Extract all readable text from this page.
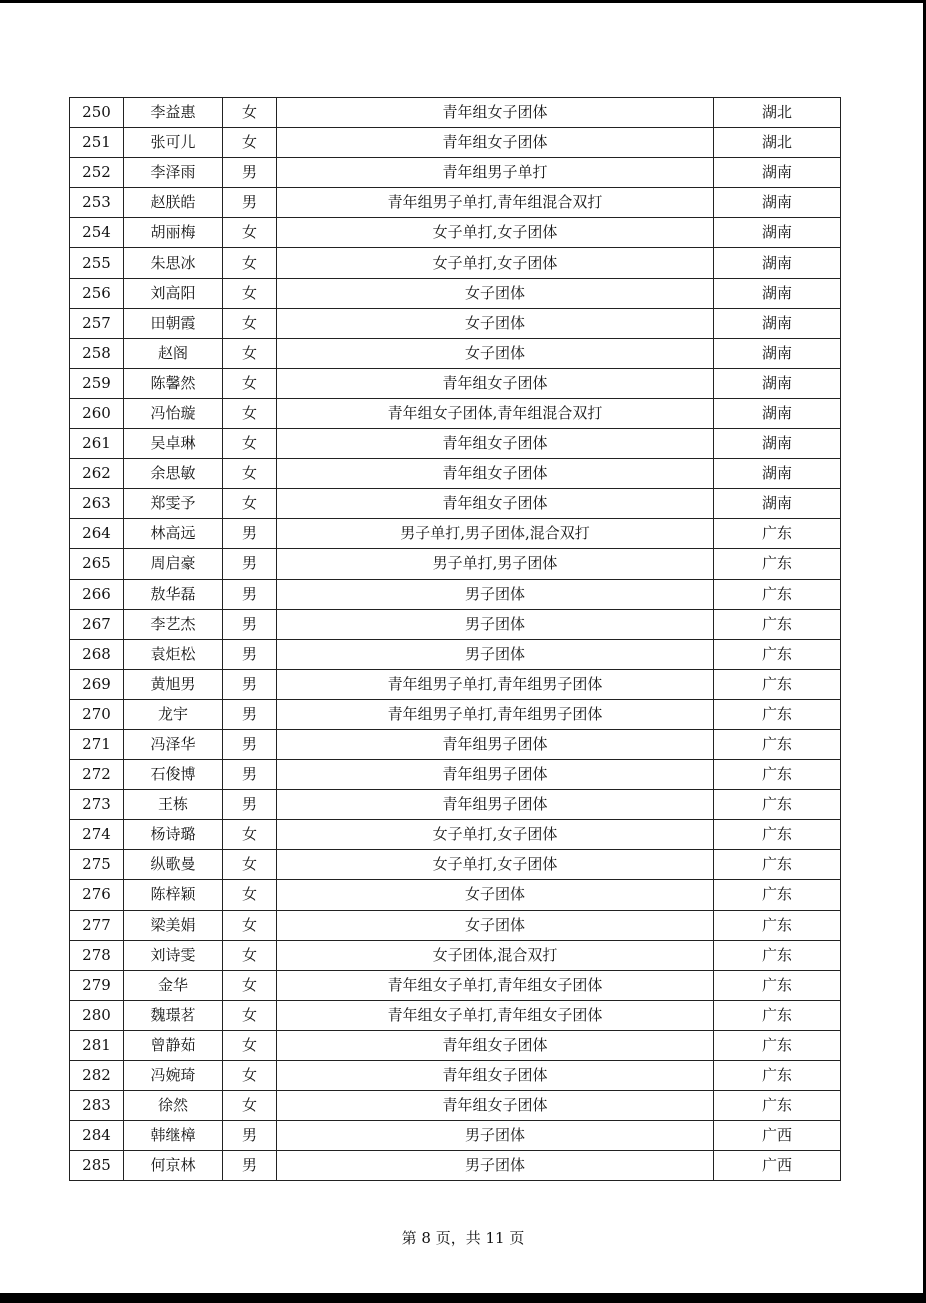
250	李益惠	女	青年组女子团体	湖北
251	张可儿	女	青年组女子团体	湖北
252	李泽雨	男	青年组男子单打	湖南
253	赵朕皓	男	青年组男子单打,青年组混合双打	湖南
254	胡丽梅	女	女子单打,女子团体	湖南
255	朱思冰	女	女子单打,女子团体	湖南
256	刘高阳	女	女子团体	湖南
257	田朝霞	女	女子团体	湖南
258	赵阁	女	女子团体	湖南
259	陈馨然	女	青年组女子团体	湖南
260	冯怡璇	女	青年组女子团体,青年组混合双打	湖南
261	吴卓琳	女	青年组女子团体	湖南
262	余思敏	女	青年组女子团体	湖南
263	郑雯予	女	青年组女子团体	湖南
264	林高远	男	男子单打,男子团体,混合双打	广东
265	周启豪	男	男子单打,男子团体	广东
266	敖华磊	男	男子团体	广东
267	李艺杰	男	男子团体	广东
268	袁炬松	男	男子团体	广东
269	黄旭男	男	青年组男子单打,青年组男子团体	广东
270	龙宇	男	青年组男子单打,青年组男子团体	广东
271	冯泽华	男	青年组男子团体	广东
272	石俊博	男	青年组男子团体	广东
273	王栋	男	青年组男子团体	广东
274	杨诗璐	女	女子单打,女子团体	广东
275	纵歌曼	女	女子单打,女子团体	广东
276	陈梓颖	女	女子团体	广东
277	梁美娟	女	女子团体	广东
278	刘诗雯	女	女子团体,混合双打	广东
279	金华	女	青年组女子单打,青年组女子团体	广东
280	魏璟茗	女	青年组女子单打,青年组女子团体	广东
281	曾静茹	女	青年组女子团体	广东
282	冯婉琦	女	青年组女子团体	广东
283	徐然	女	青年组女子团体	广东
284	韩继樟	男	男子团体	广西
285	何京林	男	男子团体	广西
第 8 页，共 11 页
